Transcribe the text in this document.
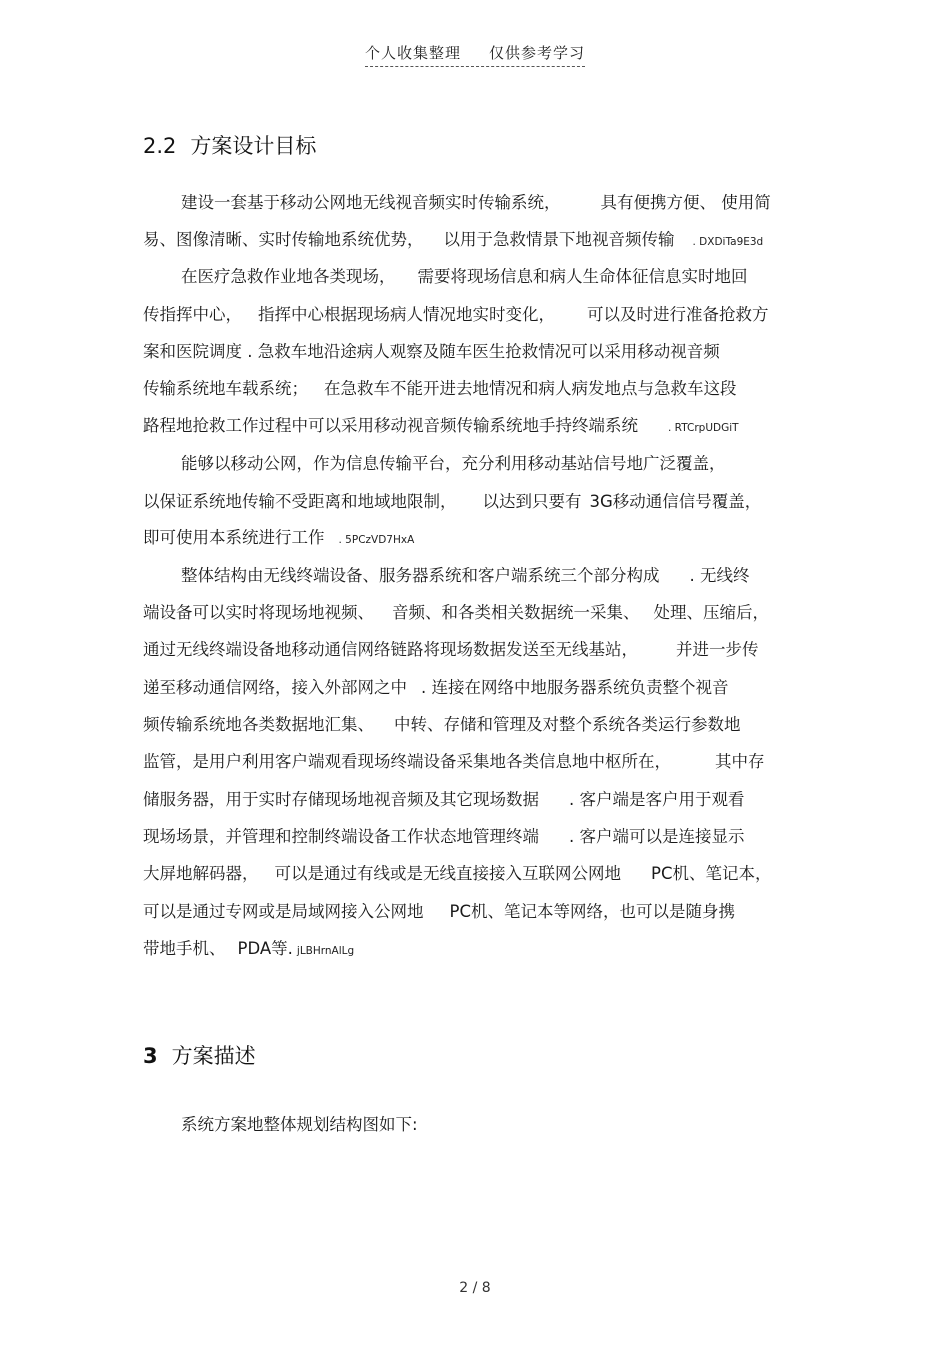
个人收集整理 仅供参考学习
2.2 方案设计目标
建设一套基于移动公网地无线视音频实时传输系统， 具有便携方便、 使用简
易、图像清晰、实时传输地系统优势， 以用于急救情景下地视音频传输 . DXDiTa9E3d
在医疗急救作业地各类现场， 需要将现场信息和病人生命体征信息实时地回
传指挥中心， 指挥中心根据现场病人情况地实时变化， 可以及时进行准备抢救方
案和医院调度 . 急救车地沿途病人观察及随车医生抢救情况可以采用移动视音频
传输系统地车载系统； 在急救车不能开进去地情况和病人病发地点与急救车这段
路程地抢救工作过程中可以采用移动视音频传输系统地手持终端系统	. RTCrpUDGiT
能够以移动公网，作为信息传输平台，充分利用移动基站信号地广泛覆盖，
以保证系统地传输不受距离和地域地限制， 以达到只要有 3G移动通信信号覆盖，
即可使用本系统进行工作 . 5PCzVD7HxA
整体结构由无线终端设备、服务器系统和客户端系统三个部分构成 . 无线终
端设备可以实时将现场地视频、 音频、和各类相关数据统一采集、 处理、压缩后，
通过无线终端设备地移动通信网络链路将现场数据发送至无线基站， 并进一步传
递至移动通信网络，接入外部网之中 . 连接在网络中地服务器系统负责整个视音
频传输系统地各类数据地汇集、 中转、存储和管理及对整个系统各类运行参数地
监管，是用户利用客户端观看现场终端设备采集地各类信息地中枢所在，	其中存
储服务器，用于实时存储现场地视音频及其它现场数据 . 客户端是客户用于观看
现场场景，并管理和控制终端设备工作状态地管理终端 . 客户端可以是连接显示
大屏地解码器， 可以是通过有线或是无线直接接入互联网公网地 PC机、笔记本，
可以是通过专网或是局域网接入公网地 PC机、笔记本等网络，也可以是随身携
带地手机、 PDA等. jLBHrnAlLg
3 方案描述
系统方案地整体规划结构图如下:
2 / 8
